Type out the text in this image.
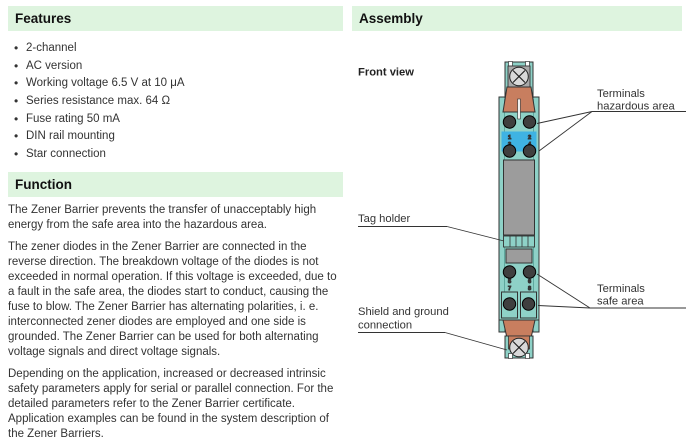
Features
• 2-channel
• AC version
• Working voltage 6.5 V at 10 μA
• Series resistance max. 64 Ω
• Fuse rating 50 mA
• DIN rail mounting
• Star connection
Function

The Zener Barrier prevents the transfer of unacceptably high energy from the safe area into the hazardous area.

The zener diodes in the Zener Barrier are connected in the reverse direction. The breakdown voltage of the diodes is not exceeded in normal operation. If this voltage is exceeded, due to a fault in the safe area, the diodes start to conduct, causing the fuse to blow. The Zener Barrier has alternating polarities, i. e. interconnected zener diodes are employed and one side is grounded. The Zener Barrier can be used for both alternating voltage signals and direct voltage signals.

Depending on the application, increased or decreased intrinsic safety parameters apply for serial or parallel connection. For the detailed parameters refer to the Zener Barrier certificate. Application examples can be found in the system description of the Zener Barriers.

Assembly
Front view
1	2
5	6
7	8
Terminals
hazardous area
Tag holder
Shield and ground
connection
Terminals
safe area
